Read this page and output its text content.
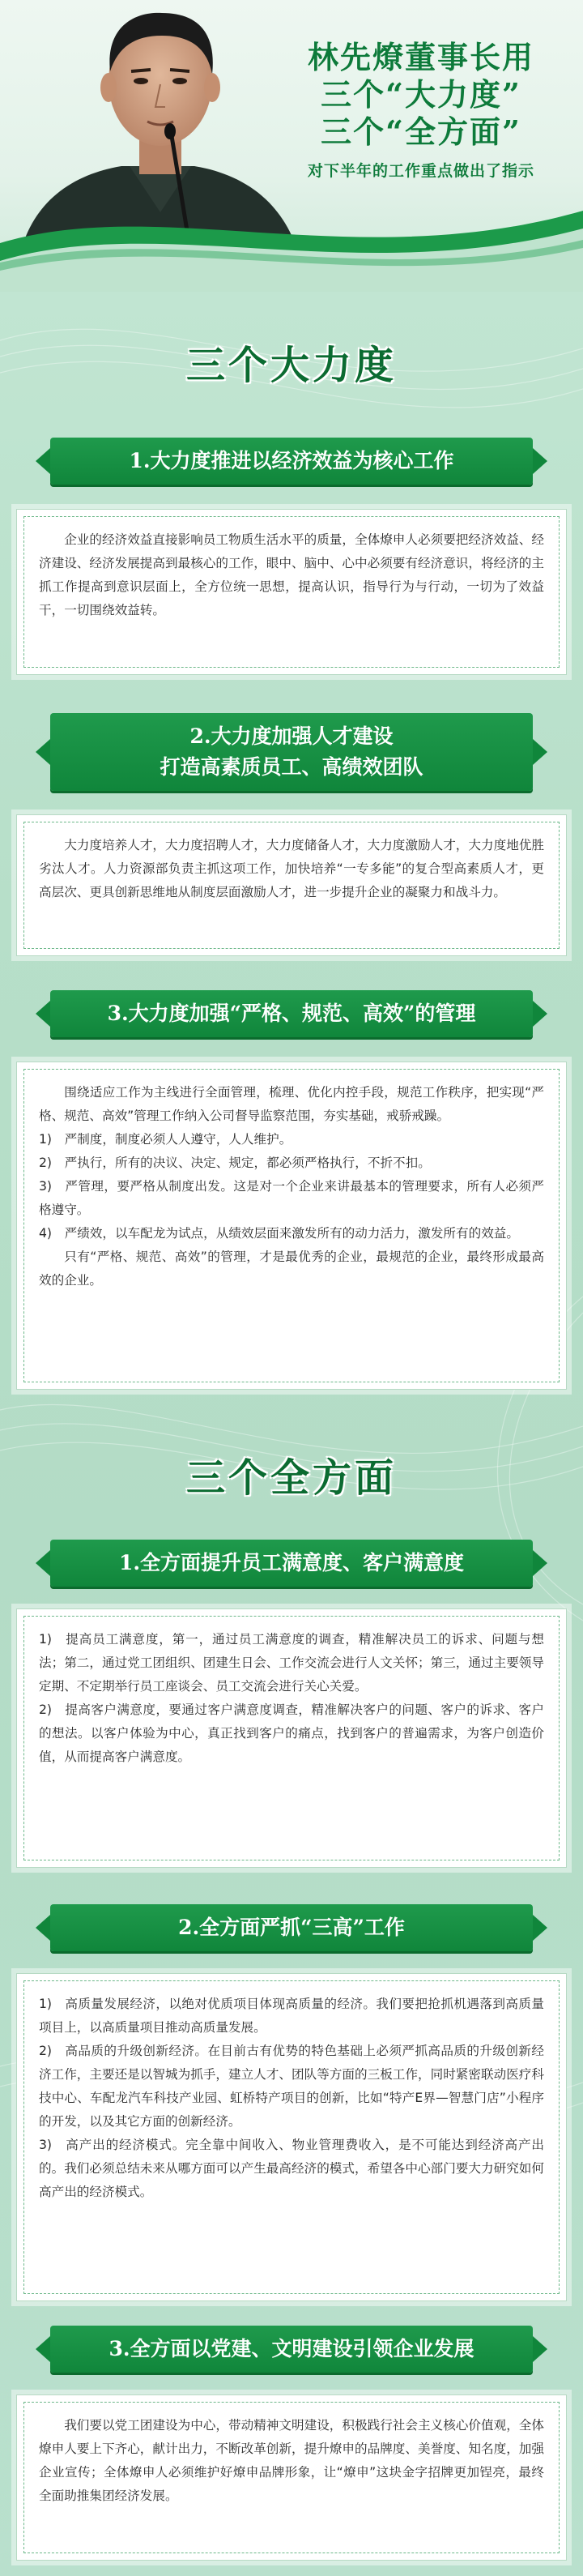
林先燎董事长用
三个“大力度”
三个“全方面”
对下半年的工作重点做出了指示
三个大力度
1.大力度推进以经济效益为核心工作

企业的经济效益直接影响员工物质生活水平的质量，全体燎申人必须要把经济效益、经济建设、经济发展提高到最核心的工作，眼中、脑中、心中必须要有经济意识，将经济的主抓工作提高到意识层面上，全方位统一思想，提高认识，指导行为与行动，一切为了效益干，一切围绕效益转。

2.大力度加强人才建设
打造高素质员工、高绩效团队

大力度培养人才，大力度招聘人才，大力度储备人才，大力度激励人才，大力度地优胜劣汰人才。人力资源部负责主抓这项工作，加快培养“一专多能”的复合型高素质人才，更高层次、更具创新思维地从制度层面激励人才，进一步提升企业的凝聚力和战斗力。

3.大力度加强“严格、规范、高效”的管理

围绕适应工作为主线进行全面管理，梳理、优化内控手段，规范工作秩序，把实现“严格、规范、高效”管理工作纳入公司督导监察范围，夯实基础，戒骄戒躁。

1)　严制度，制度必须人人遵守，人人维护。

2)　严执行，所有的决议、决定、规定，都必须严格执行，不折不扣。

3)　严管理，要严格从制度出发。这是对一个企业来讲最基本的管理要求，所有人必须严格遵守。

4)　严绩效，以车配龙为试点，从绩效层面来激发所有的动力活力，激发所有的效益。

只有“严格、规范、高效”的管理，才是最优秀的企业，最规范的企业，最终形成最高效的企业。

三个全方面
1.全方面提升员工满意度、客户满意度

1)　提高员工满意度，第一，通过员工满意度的调查，精准解决员工的诉求、问题与想法；第二，通过党工团组织、团建生日会、工作交流会进行人文关怀；第三，通过主要领导定期、不定期举行员工座谈会、员工交流会进行关心关爱。

2)　提高客户满意度，要通过客户满意度调查，精准解决客户的问题、客户的诉求、客户的想法。以客户体验为中心，真正找到客户的痛点，找到客户的普遍需求，为客户创造价值，从而提高客户满意度。

2.全方面严抓“三高”工作

1)　高质量发展经济，以绝对优质项目体现高质量的经济。我们要把抢抓机遇落到高质量项目上，以高质量项目推动高质量发展。

2)　高品质的升级创新经济。在目前古有优势的特色基础上必须严抓高品质的升级创新经济工作，主要还是以智城为抓手，建立人才、团队等方面的三板工作，同时紧密联动医疗科技中心、车配龙汽车科技产业园、虹桥特产项目的创新，比如“特产E界—智慧门店”小程序的开发，以及其它方面的创新经济。

3)　高产出的经济模式。完全靠中间收入、物业管理费收入，是不可能达到经济高产出的。我们必须总结未来从哪方面可以产生最高经济的模式，希望各中心部门要大力研究如何高产出的经济模式。

3.全方面以党建、文明建设引领企业发展

我们要以党工团建设为中心，带动精神文明建设，积极践行社会主义核心价值观，全体燎申人要上下齐心，献计出力，不断改革创新，提升燎申的品牌度、美誉度、知名度，加强企业宣传；全体燎申人必须维护好燎申品牌形象，让“燎申”这块金字招牌更加锃亮，最终全面助推集团经济发展。
